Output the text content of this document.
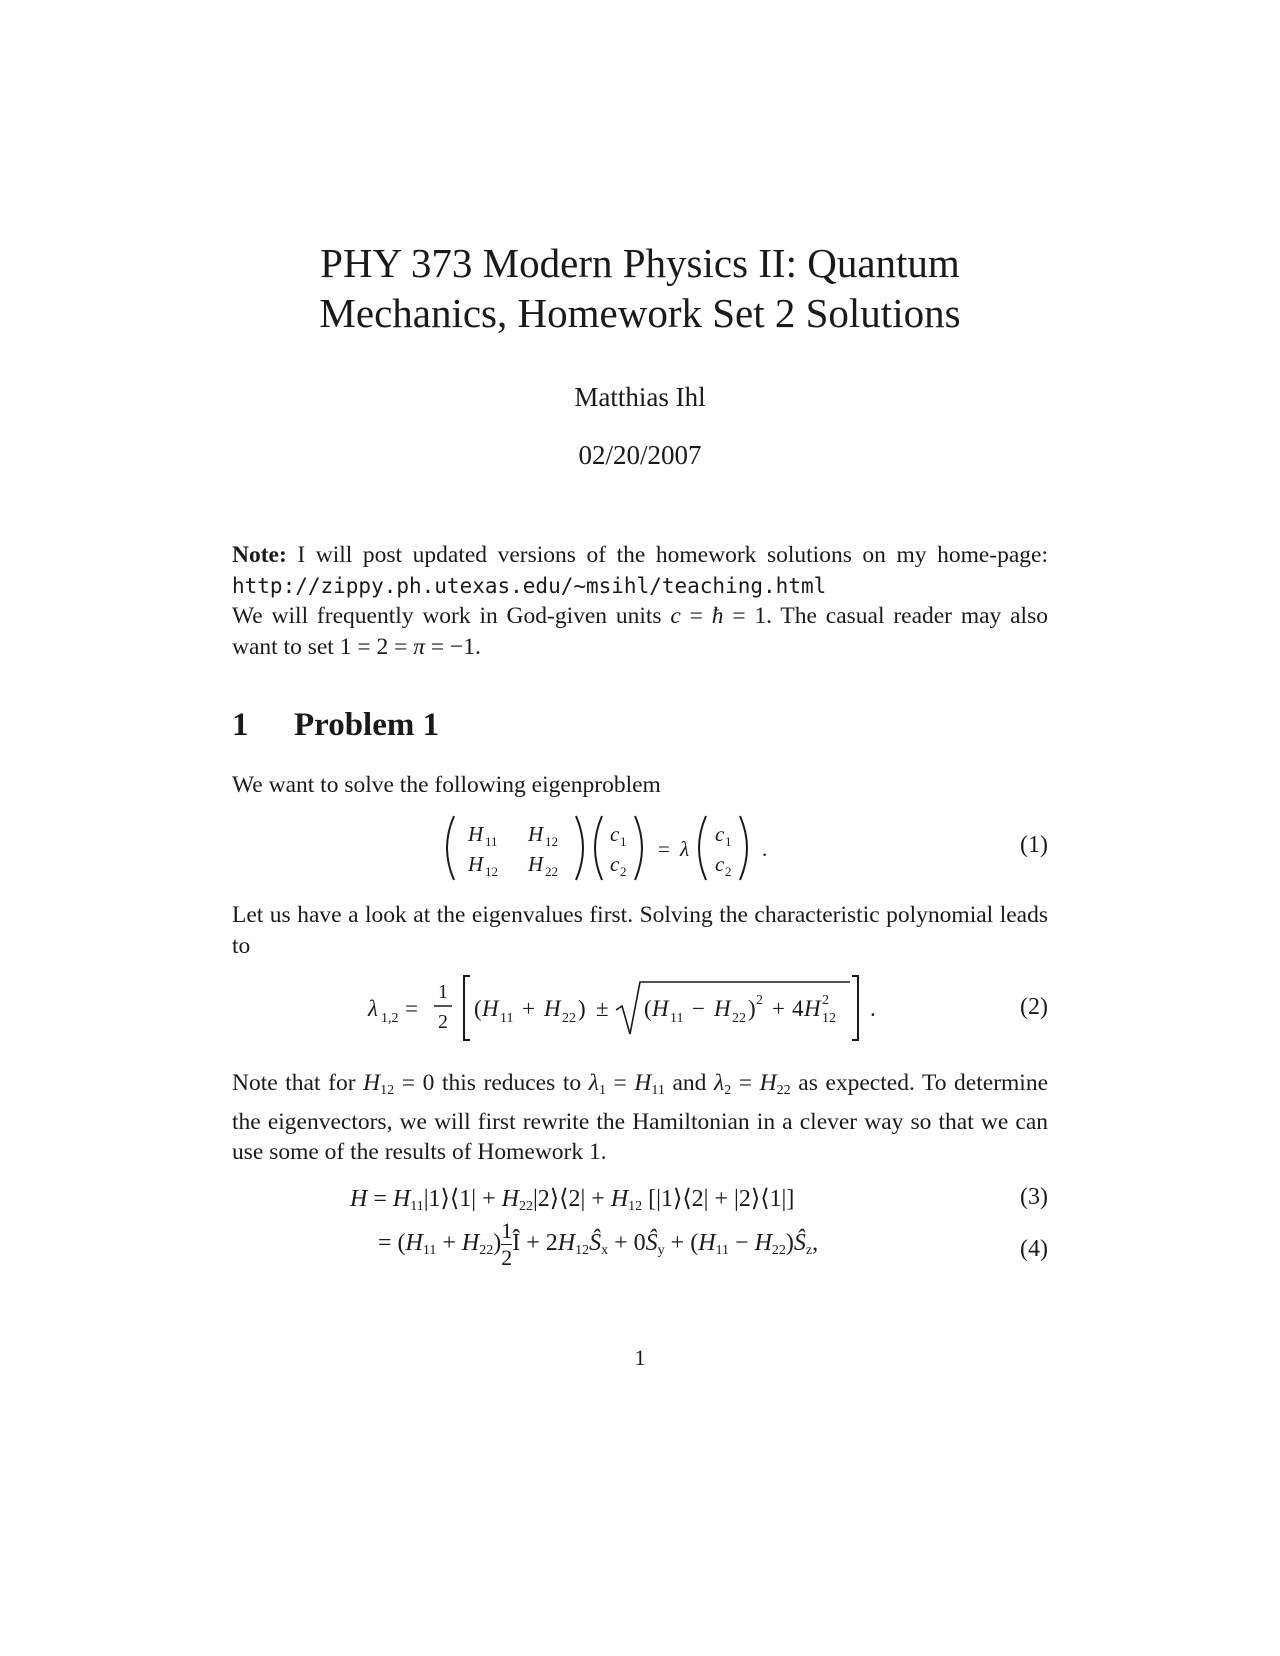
PHY 373 Modern Physics II: Quantum
Mechanics, Homework Set 2 Solutions
Matthias Ihl
02/20/2007
Note: I will post updated versions of the homework solutions on my home-page: http://zippy.ph.utexas.edu/~msihl/teaching.html
We will frequently work in God-given units c = ħ = 1. The casual reader may also want to set 1 = 2 = π = −1.
1 Problem 1
We want to solve the following eigenproblem
H 11 H 12
H 12 H 22
c 1
c 2
= λ
c 1
c 2
.	(1)
Let us have a look at the eigenvalues first. Solving the characteristic polynomial leads to
λ 1,2 =
1
2
( H 11 + H 22 ) ± ( H 11 − H 22 ) 2 + 4 H 2
12 .	(2)
Note that for $H_{12} = 0$ this reduces to $\lambda_1 = H_{11}$ and $\lambda_2 = H_{22}$ as expected. To determine the eigenvectors, we will first rewrite the Hamiltonian in a clever way so that we can use some of the results of Homework 1.
$H = H_{11}|1⟩⟨1|$ + $H_{22}|2⟩⟨2| + H_{12}$ [|1⟩⟨2| + |2⟩⟨1|]	(3)
= $(H_{11} + H_{22}) \frac{1}{2}$ Î + $2H_{12}Ŝ_x$ + $0Ŝ_y + (H_{11}$ − $H_{22})Ŝ_z$,	(4)
1
